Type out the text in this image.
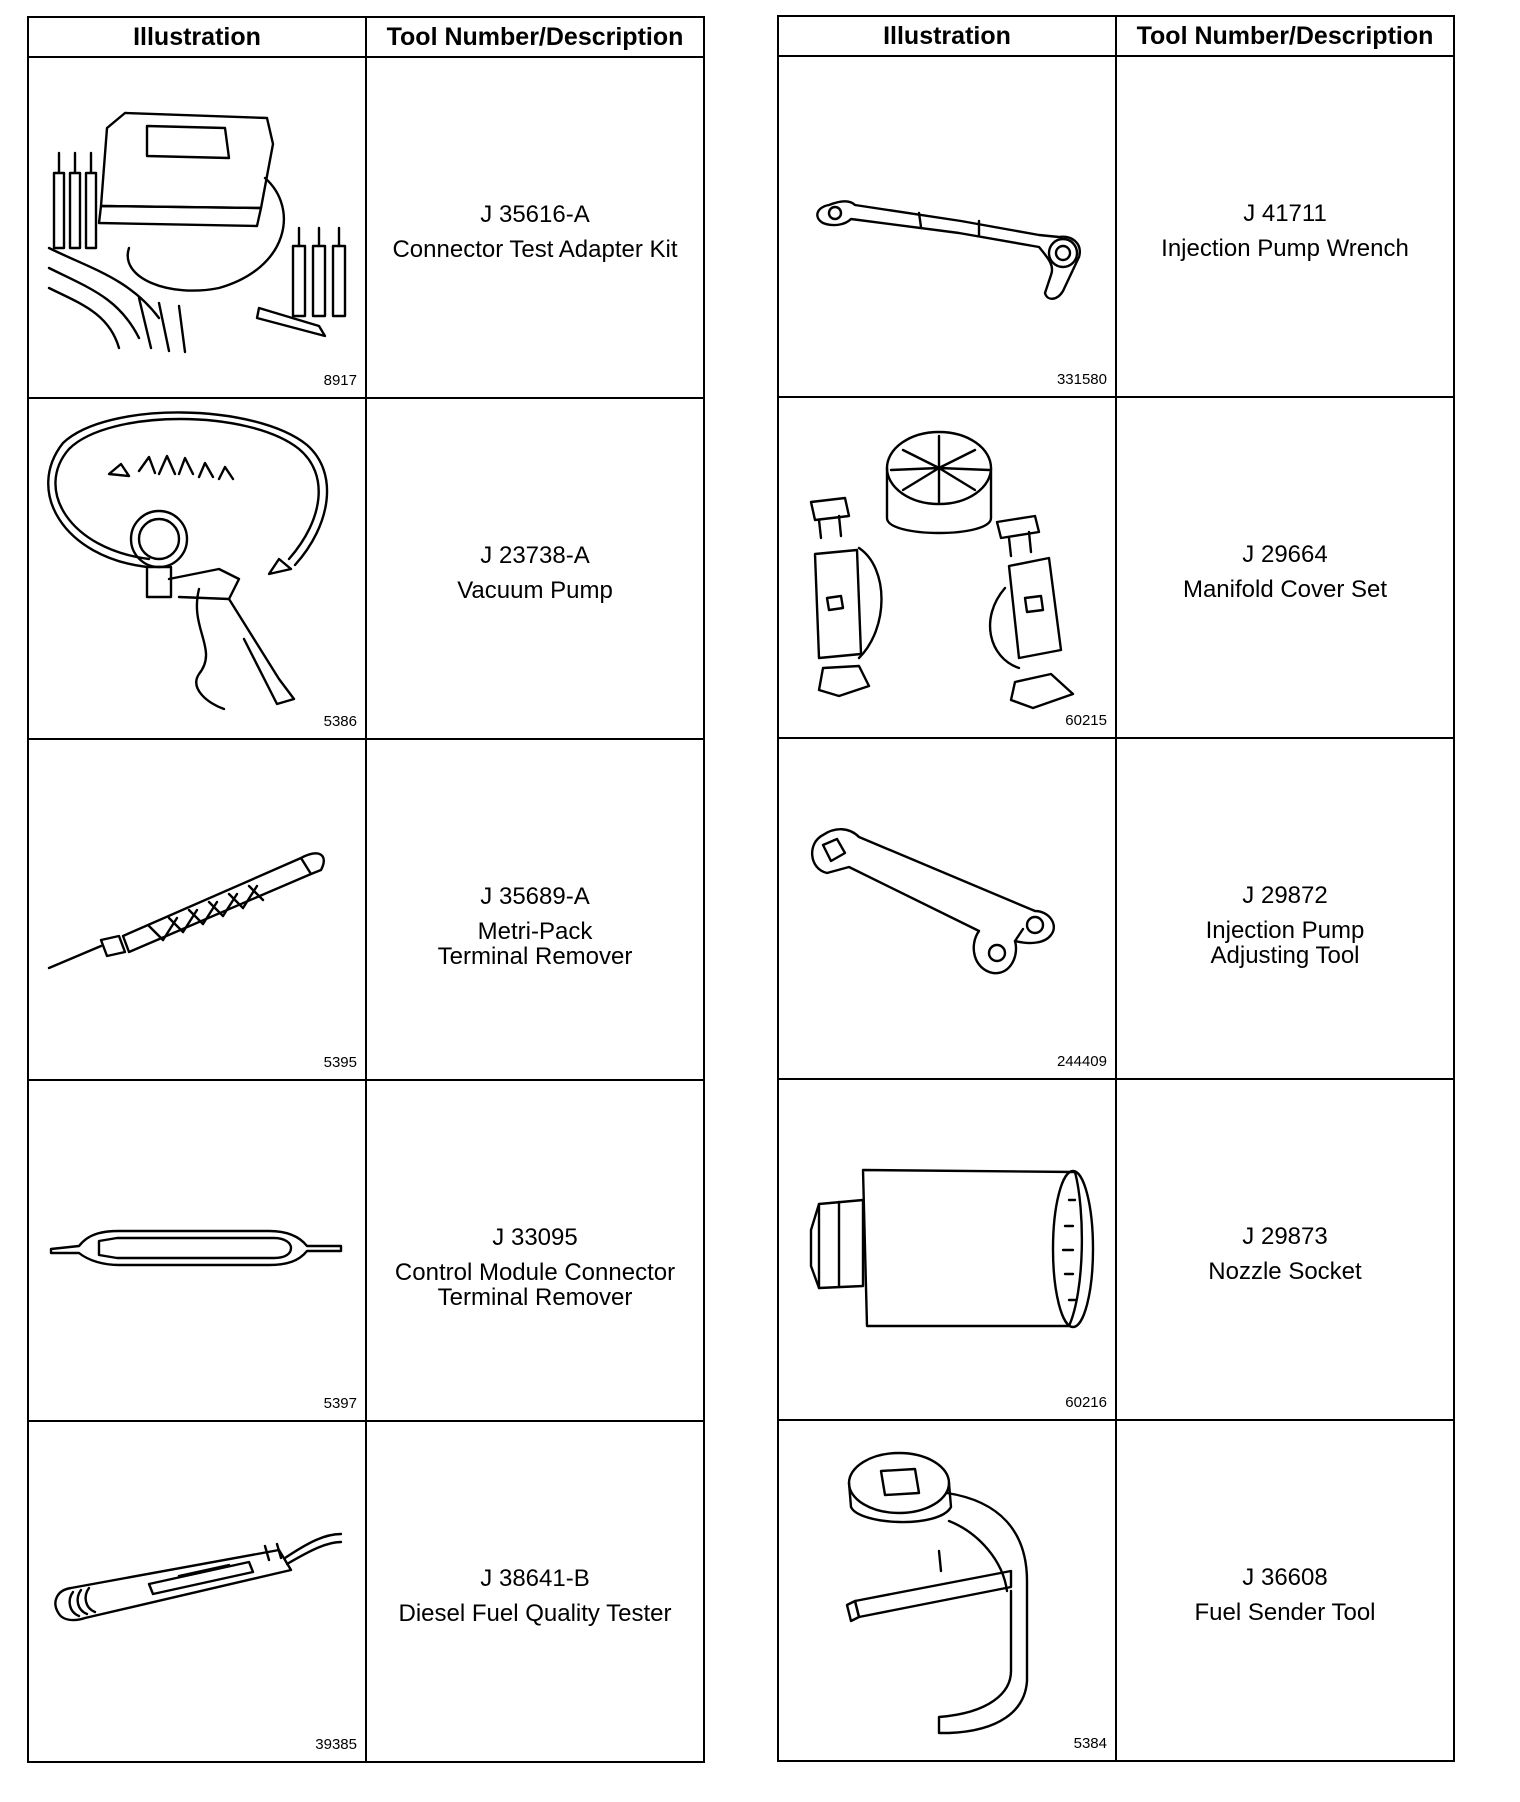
Illustration	Tool Number/Description

8917	J 35616-A
Connector Test Adapter Kit

5386	J 23738-A
Vacuum Pump

5395	J 35689-A
Metri-Pack
Terminal Remover

5397	J 33095
Control Module Connector
Terminal Remover

39385	J 38641-B
Diesel Fuel Quality Tester
Illustration	Tool Number/Description

331580	J 41711
Injection Pump Wrench

60215	J 29664
Manifold Cover Set

244409	J 29872
Injection Pump
Adjusting Tool

60216	J 29873
Nozzle Socket

5384	J 36608
Fuel Sender Tool
